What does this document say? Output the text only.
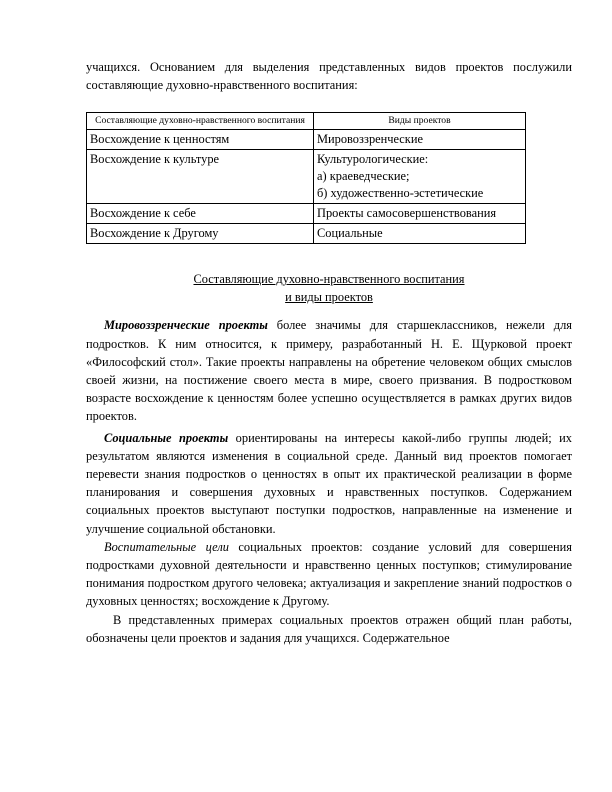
учащихся. Основанием для выделения представленных видов проектов послужили составляющие духовно-нравственного воспитания:

Составляющие духовно-нравственного воспитания	Виды проектов
Восхождение к ценностям	Мировоззренческие

Восхождение к культуре	Культурологические:
а) краеведческие;
б) художественно-эстетические

Восхождение к себе	Проекты самосовершенствования

Восхождение к Другому	Социальные
Составляющие духовно-нравственного воспитания
и виды проектов

Мировоззренческие проекты более значимы для старшеклассников, нежели для подростков. К ним относится, к примеру, разработанный Н. Е. Щурковой проект «Философский стол». Такие проекты направлены на обретение человеком общих смыслов своей жизни, на постижение своего места в мире, своего призвания. В подростковом возрасте восхождение к ценностям более успешно осуществляется в рамках других видов проектов.

Социальные проекты ориентированы на интересы какой-либо группы людей; их результатом являются изменения в социальной среде. Данный вид проектов помогает перевести знания подростков о ценностях в опыт их практической реализации в форме планирования и совершения духовных и нравственных поступков. Содержанием социальных проектов выступают поступки подростков, направленные на изменение и улучшение социальной обстановки.

Воспитательные цели социальных проектов: создание условий для совершения подростками духовной деятельности и нравственно ценных поступков; стимулирование понимания подростком другого человека; актуализация и закрепление знаний подростков о духовных ценностях; восхождение к Другому.

В представленных примерах социальных проектов отражен общий план работы, обозначены цели проектов и задания для учащихся. Содержательное
